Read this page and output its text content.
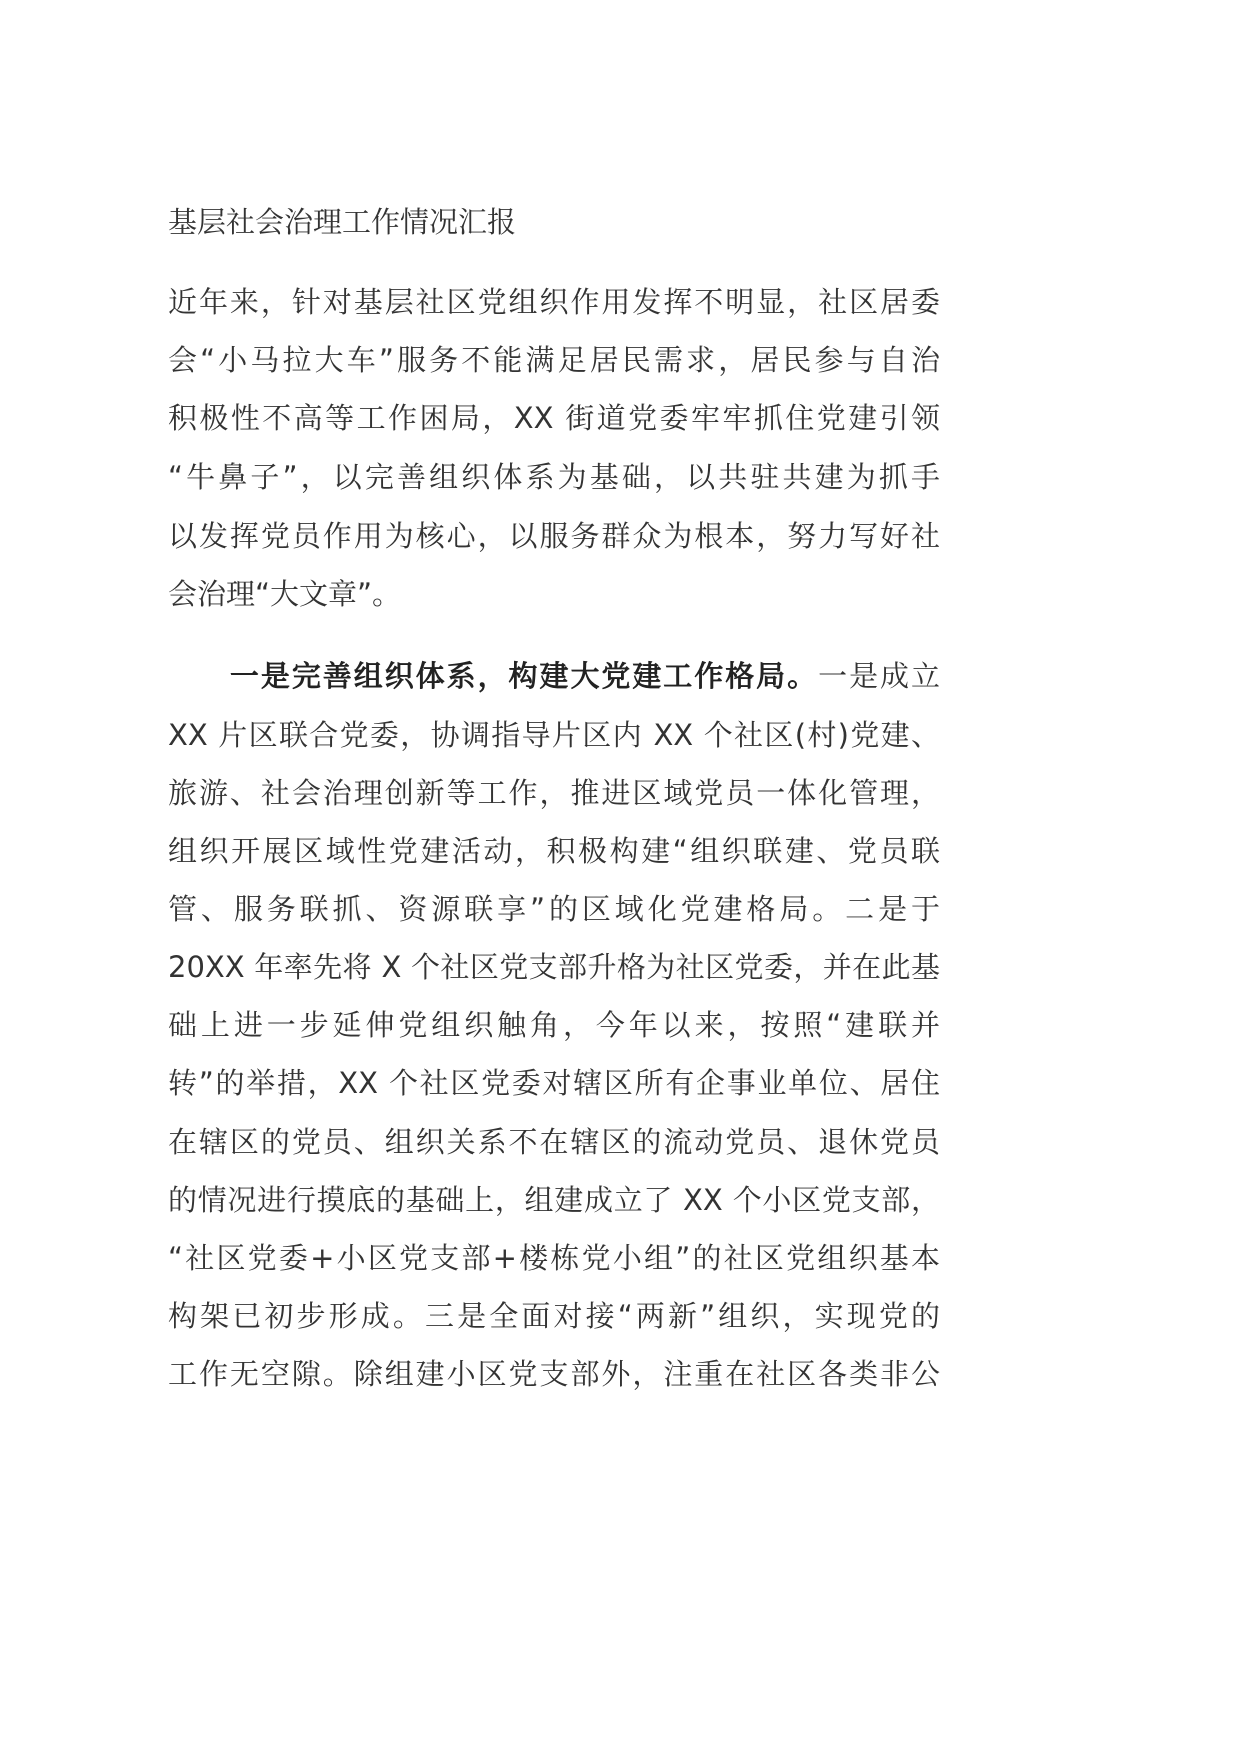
基层社会治理工作情况汇报
近年来，针对基层社区党组织作用发挥不明显，社区居委
会“小马拉大车”服务不能满足居民需求，居民参与自治
积极性不高等工作困局，XX 街道党委牢牢抓住党建引领
“牛鼻子”，以完善组织体系为基础，以共驻共建为抓手
以发挥党员作用为核心，以服务群众为根本，努力写好社
会治理“大文章”。
　　一是完善组织体系，构建大党建工作格局。一是成立
XX 片区联合党委，协调指导片区内 XX 个社区(村)党建、
旅游、社会治理创新等工作，推进区域党员一体化管理，
组织开展区域性党建活动，积极构建“组织联建、党员联
管、服务联抓、资源联享”的区域化党建格局。二是于
20XX 年率先将 X 个社区党支部升格为社区党委，并在此基
础上进一步延伸党组织触角，今年以来，按照“建联并
转”的举措，XX 个社区党委对辖区所有企事业单位、居住
在辖区的党员、组织关系不在辖区的流动党员、退休党员
的情况进行摸底的基础上，组建成立了 XX 个小区党支部，
“社区党委+小区党支部+楼栋党小组”的社区党组织基本
构架已初步形成。三是全面对接“两新”组织，实现党的
工作无空隙。除组建小区党支部外，注重在社区各类非公
